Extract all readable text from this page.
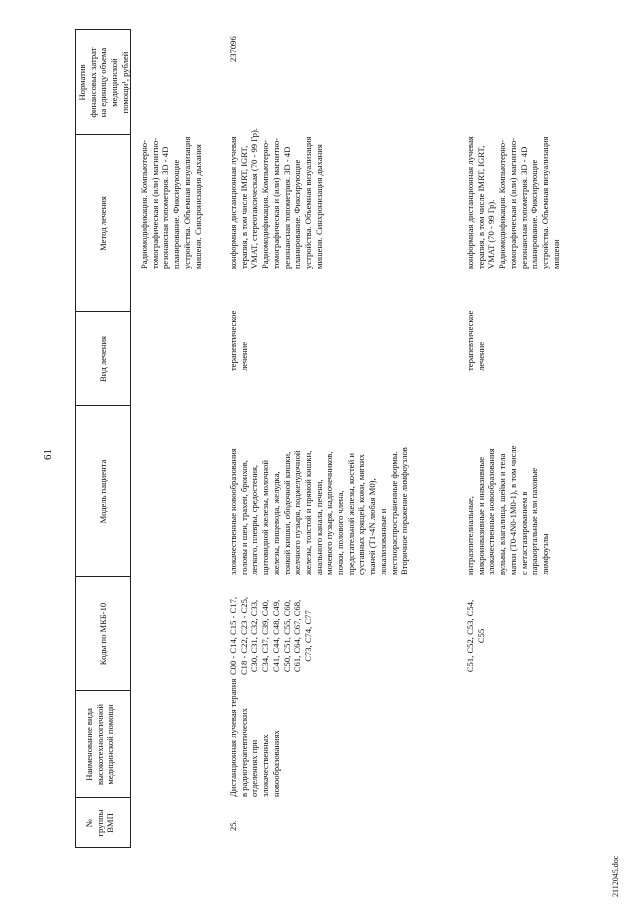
61
№
группы
ВМП
Наименование вида
высокотехнологичной
медицинской помощи
Коды по МКБ-10
Модель пациента
Вид лечения
Метод лечения
Норматив
финансовых затрат
на единицу объема
медицинской
помощи¹, рублей
Радиомодификация. Компьютерно-
томографическая и (или) магнитно-
резонансная топометрия. 3D - 4D
планирование. Фиксирующие
устройства. Объемная визуализация
мишени. Синхронизация дыхания
25.
Дистанционная лучевая терапия
в радиотерапевтических
отделениях при
злокачественных
новообразованиях
C00 - C14, C15 - C17,
C18 - C22, C23 - C25,
C30, C31, C32, C33,
C34, C37, C39, C40,
C41, C44, C48, C49,
C50, C51, C55, C60,
C61, C64, C67, C68,
C73, C74, C77
злокачественные новообразования
головы и шеи, трахеи, бронхов,
легкого, плевры, средостения,
щитовидной железы, молочной
железы, пищевода, желудка,
тонкой кишки, ободочной кишки,
желчного пузыря, поджелудочной
железы, толстой и прямой кишки,
анального канала, печени,
мочевого пузыря, надпочечников,
почки, полового члена,
предстательной железы, костей и
суставных хрящей, кожи, мягких
тканей (T1-4N любая M0),
локализованные и
местнораспространенные формы.
Вторичное поражение лимфоузлов
терапевтическое
лечение
конформная дистанционная лучевая
терапия, в том числе IMRT, IGRT,
VMAT, стереотаксическая (70 - 99 Гр).
Радиомодификация. Компьютерно-
томографическая и (или) магнитно-
резонансная топометрия. 3D - 4D
планирование. Фиксирующие
устройства. Объемная визуализация
мишени. Синхронизация дыхания
237096
C51, C52, C53, C54,
C55
интраэпителиальные,
микроинвазивные и инвазивные
злокачественные новообразования
вульвы, влагалища, шейки и тела
матки (T0-4N0-1M0-1), в том числе
с метастазированием в
парааортальные или паховые
лимфоузлы
терапевтическое
лечение
конформная дистанционная лучевая
терапия, в том числе IMRT, IGRT,
VMAT (70 - 99 Гр).
Радиомодификация. Компьютерно-
томографическая и (или) магнитно-
резонансная топометрия. 3D - 4D
планирование. Фиксирующие
устройства. Объемная визуализация
мишени
2112045.doc
